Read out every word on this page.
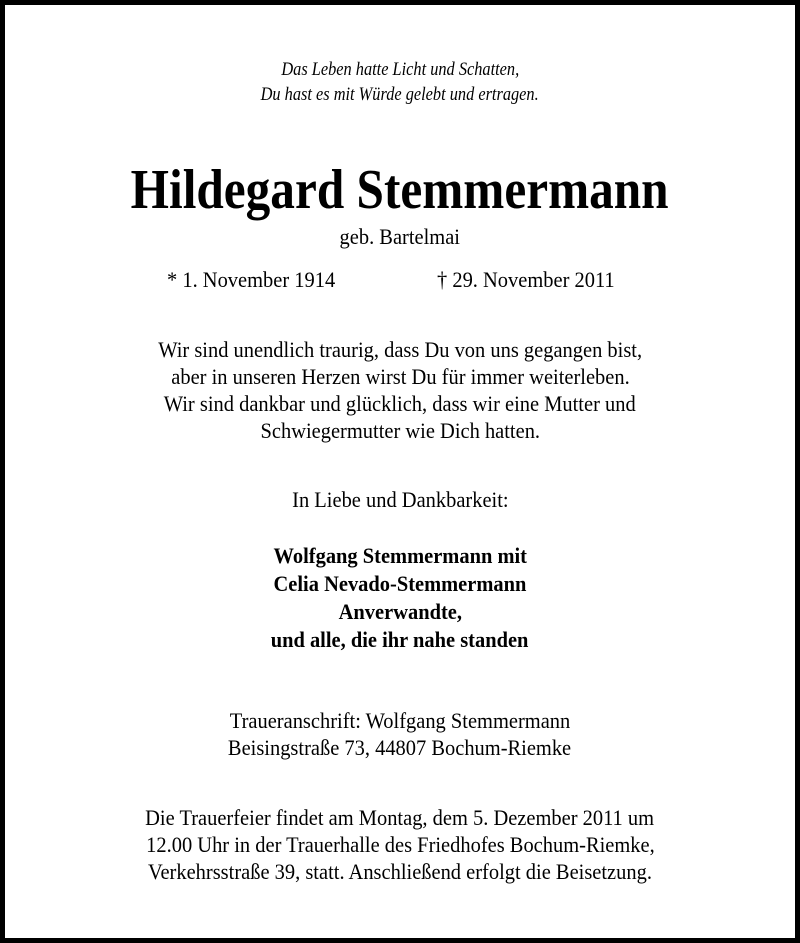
Das Leben hatte Licht und Schatten,
Du hast es mit Würde gelebt und ertragen.
Hildegard Stemmermann
geb. Bartelmai
* 1. November 1914	† 29. November 2011
Wir sind unendlich traurig, dass Du von uns gegangen bist,
aber in unseren Herzen wirst Du für immer weiterleben.
Wir sind dankbar und glücklich, dass wir eine Mutter und
Schwiegermutter wie Dich hatten.
In Liebe und Dankbarkeit:
Wolfgang Stemmermann mit
Celia Nevado-Stemmermann
Anverwandte,
und alle, die ihr nahe standen
Traueranschrift: Wolfgang Stemmermann
Beisingstraße 73, 44807 Bochum-Riemke
Die Trauerfeier findet am Montag, dem 5. Dezember 2011 um
12.00 Uhr in der Trauerhalle des Friedhofes Bochum-Riemke,
Verkehrsstraße 39, statt. Anschließend erfolgt die Beisetzung.
